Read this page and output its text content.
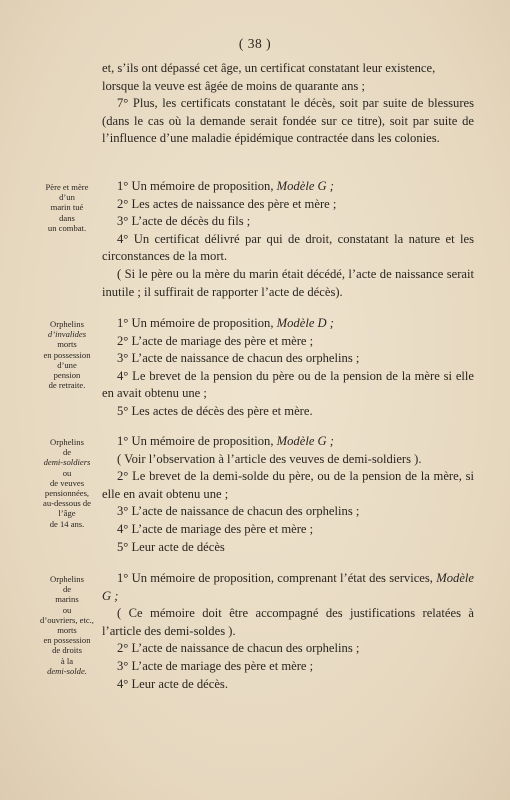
( 38 )

et, s’ils ont dépassé cet âge, un certificat constatant leur existence,

lorsque la veuve est âgée de moins de quarante ans ;

7° Plus, les certificats constatant le décès, soit par suite de blessures (dans le cas où la demande serait fondée sur ce titre), soit par suite de l’influence d’une maladie épidémique contractée dans les colonies.

Père et mère
d’un
marin tué
dans
un combat.

1° Un mémoire de proposition, Modèle G ;

2° Les actes de naissance des père et mère ;

3° L’acte de décès du fils ;

4° Un certificat délivré par qui de droit, constatant la nature et les circonstances de la mort.

( Si le père ou la mère du marin était décédé, l’acte de naissance serait inutile ; il suffirait de rapporter l’acte de décès).

Orphelins
d’invalides
morts
en possession
d’une
pension
de retraite.

1° Un mémoire de proposition, Modèle D ;

2° L’acte de mariage des père et mère ;

3° L’acte de naissance de chacun des orphelins ;

4° Le brevet de la pension du père ou de la pension de la mère si elle en avait obtenu une ;

5° Les actes de décès des père et mère.

Orphelins
de
demi-soldiers
ou
de veuves
pensionnées,
au-dessous de
l’âge
de 14 ans.

1° Un mémoire de proposition, Modèle G ;

( Voir l’observation à l’article des veuves de demi-soldiers ).

2° Le brevet de la demi-solde du père, ou de la pension de la mère, si elle en avait obtenu une ;

3° L’acte de naissance de chacun des orphelins ;

4° L’acte de mariage des père et mère ;

5° Leur acte de décès

Orphelins
de
marins
ou
d’ouvriers, etc.,
morts
en possession
de droits
à la
demi-solde.

1° Un mémoire de proposition, comprenant l’état des services, Modèle G ;

( Ce mémoire doit être accompagné des justifications relatées à l’article des demi-soldes ).

2° L’acte de naissance de chacun des orphelins ;

3° L’acte de mariage des père et mère ;

4° Leur acte de décès.
